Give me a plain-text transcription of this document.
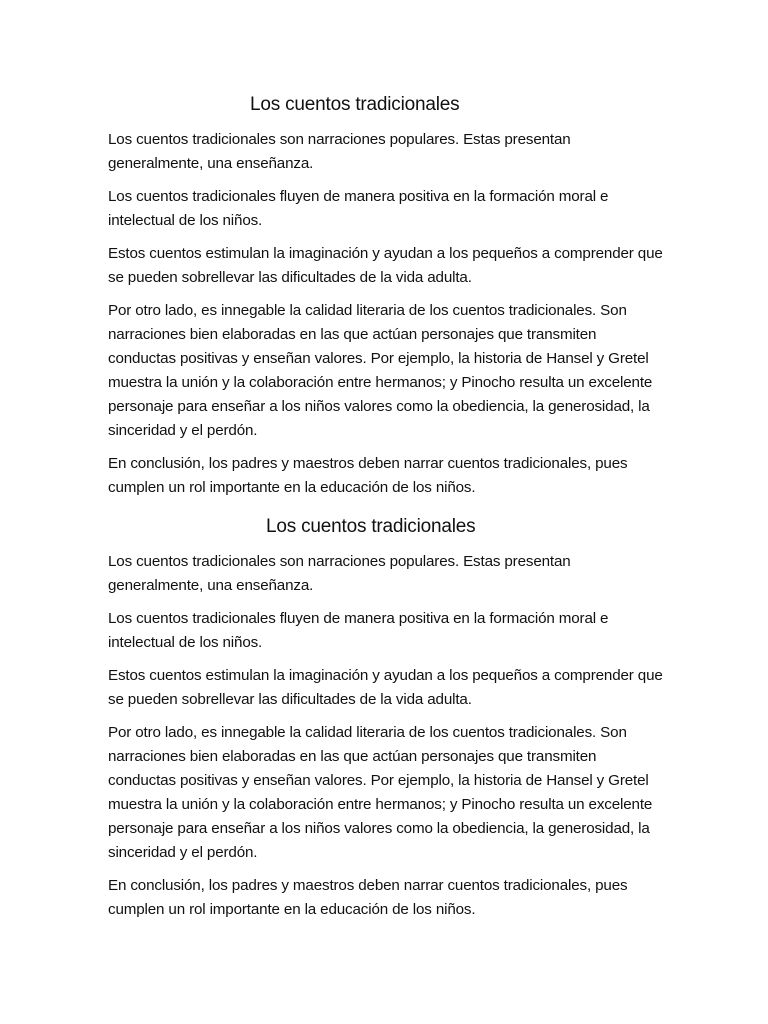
Los cuentos tradicionales

Los cuentos tradicionales son narraciones populares. Estas presentan generalmente, una enseñanza.

Los cuentos tradicionales fluyen de manera positiva en la formación moral e intelectual de los niños.

Estos cuentos estimulan la imaginación y ayudan a los pequeños a comprender que se pueden sobrellevar las dificultades de la vida adulta.

Por otro lado, es innegable la calidad literaria de los cuentos tradicionales. Son narraciones bien elaboradas en las que actúan personajes que transmiten conductas positivas y enseñan valores. Por ejemplo, la historia de Hansel y Gretel muestra la unión y la colaboración entre hermanos; y Pinocho resulta un excelente personaje para enseñar a los niños valores como la obediencia, la generosidad, la sinceridad y el perdón.

En conclusión, los padres y maestros deben narrar cuentos tradicionales, pues cumplen un rol importante en la educación de los niños.

Los cuentos tradicionales

Los cuentos tradicionales son narraciones populares. Estas presentan generalmente, una enseñanza.

Los cuentos tradicionales fluyen de manera positiva en la formación moral e intelectual de los niños.

Estos cuentos estimulan la imaginación y ayudan a los pequeños a comprender que se pueden sobrellevar las dificultades de la vida adulta.

Por otro lado, es innegable la calidad literaria de los cuentos tradicionales. Son narraciones bien elaboradas en las que actúan personajes que transmiten conductas positivas y enseñan valores. Por ejemplo, la historia de Hansel y Gretel muestra la unión y la colaboración entre hermanos; y Pinocho resulta un excelente personaje para enseñar a los niños valores como la obediencia, la generosidad, la sinceridad y el perdón.

En conclusión, los padres y maestros deben narrar cuentos tradicionales, pues cumplen un rol importante en la educación de los niños.
